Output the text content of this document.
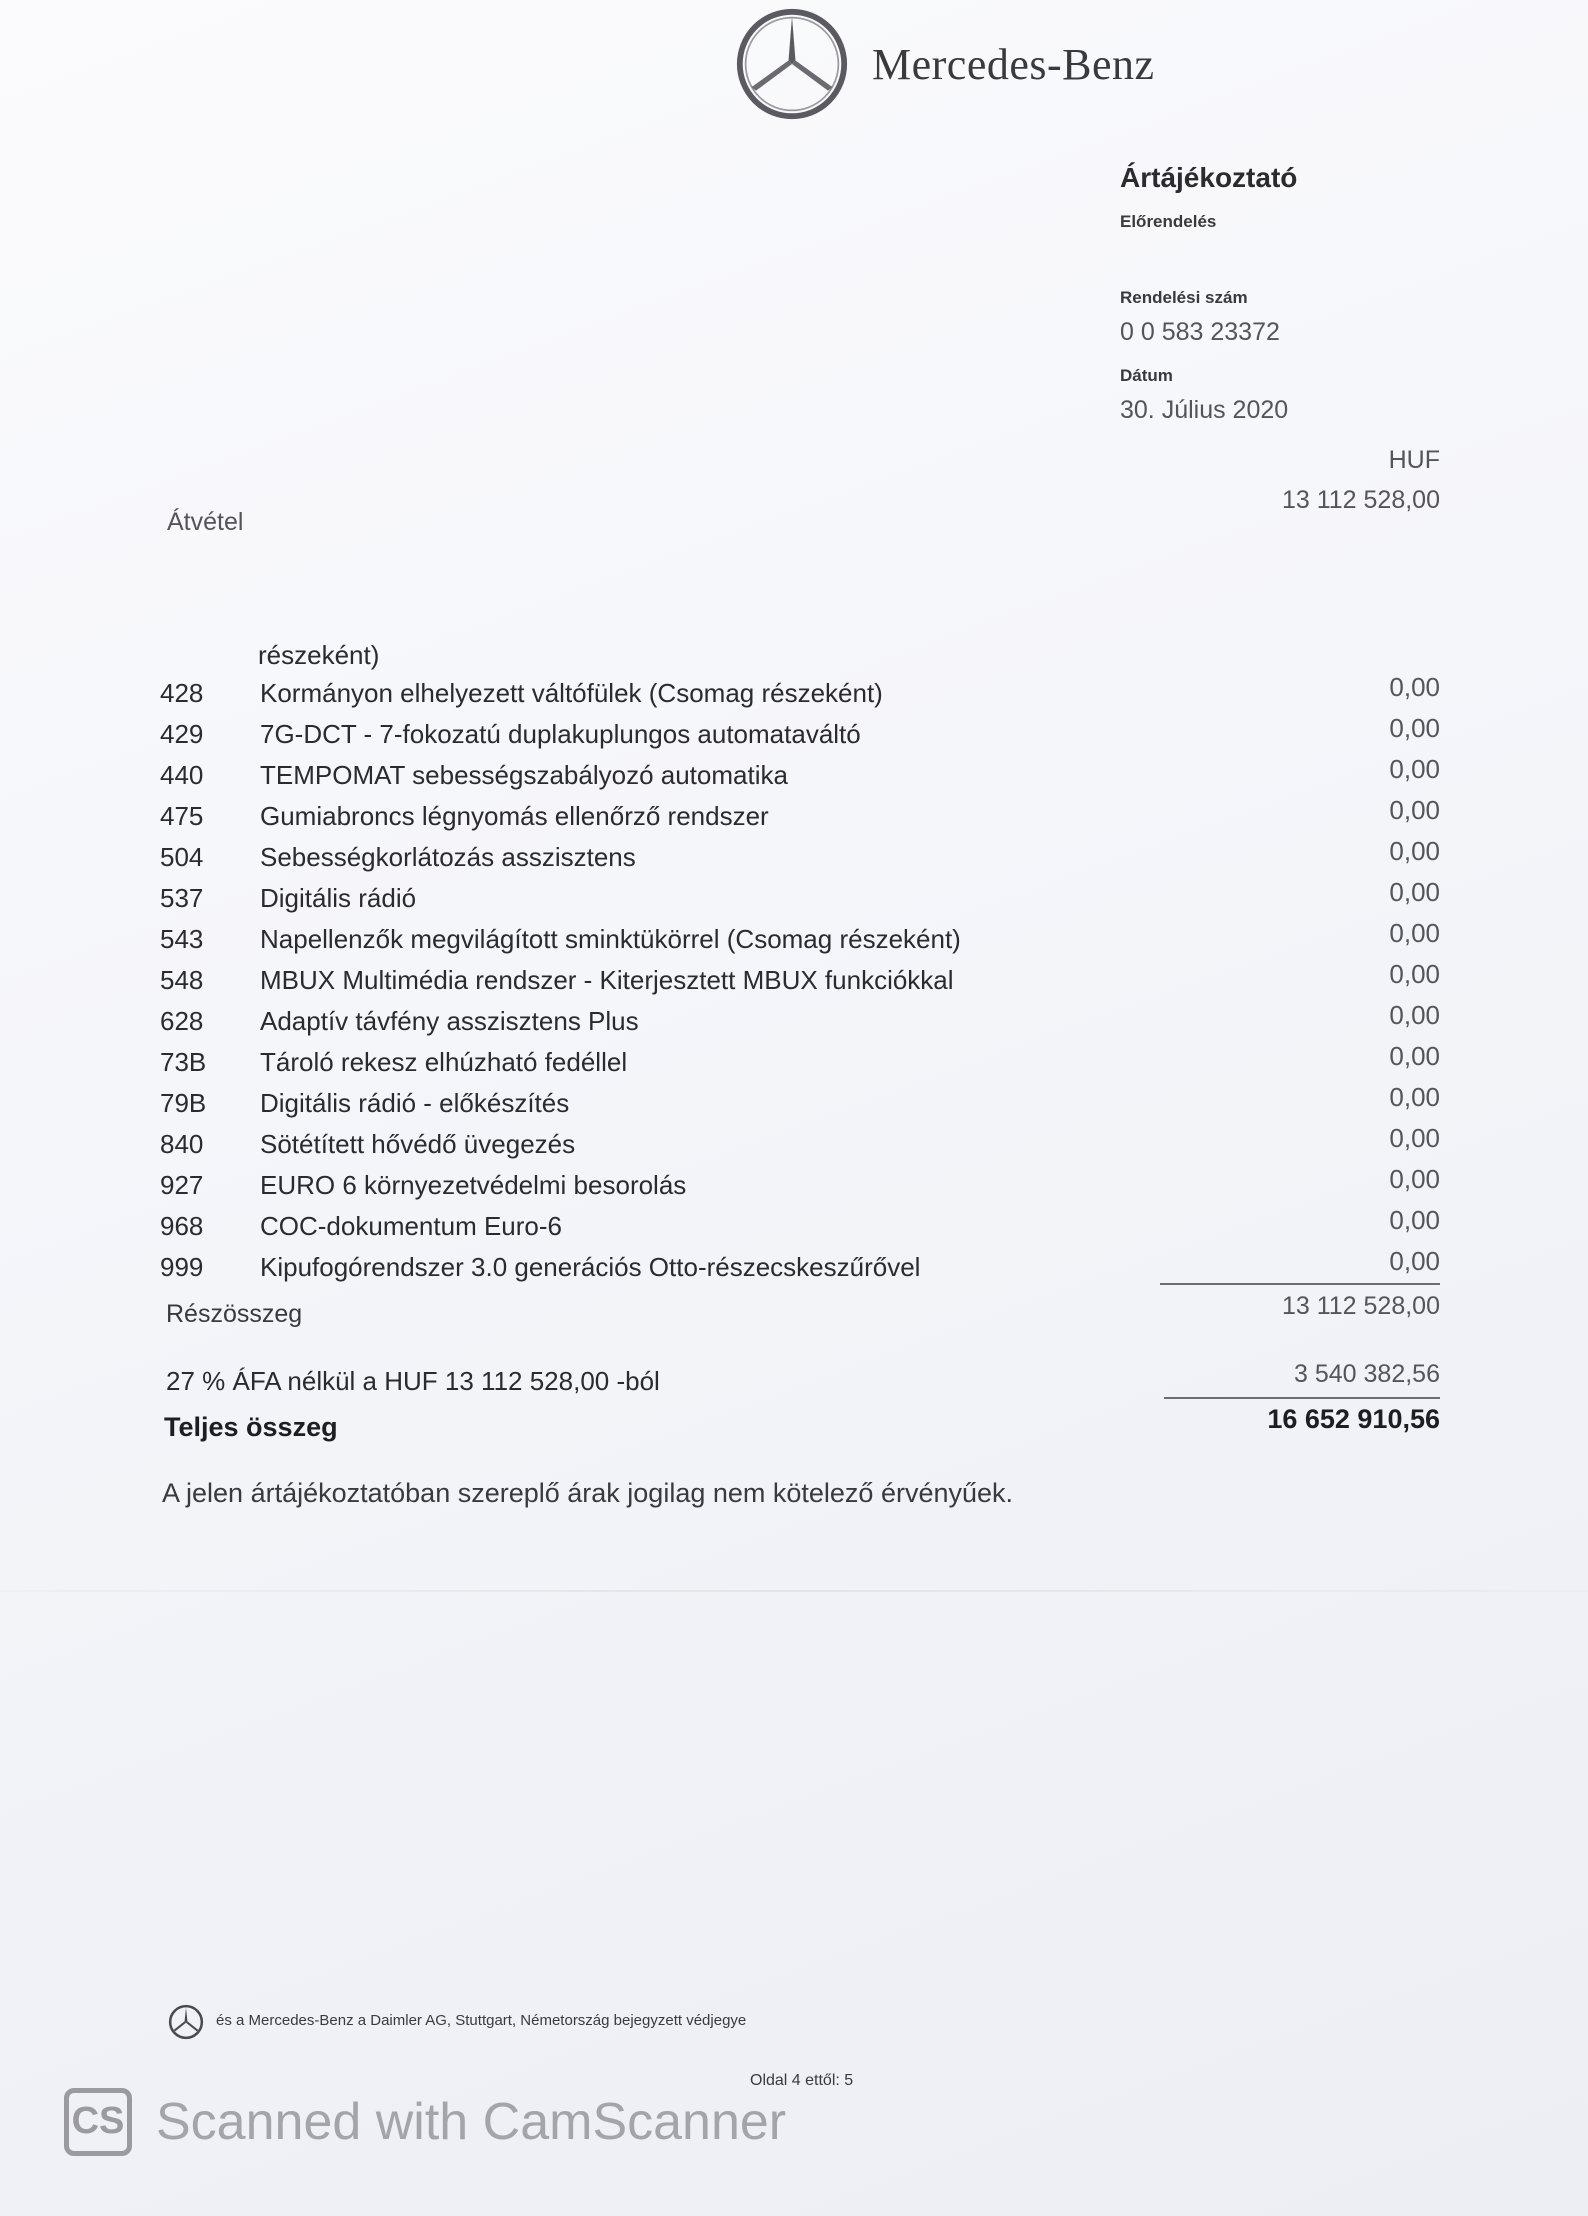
Mercedes-Benz
Ártájékoztató
Előrendelés
Rendelési szám
0 0 583 23372
Dátum
30. Július 2020
HUF
13 112 528,00
Átvétel
részeként)
428 Kormányon elhelyezett váltófülek (Csomag részeként)	0,00
429 7G-DCT - 7-fokozatú duplakuplungos automataváltó	0,00
440 TEMPOMAT sebességszabályozó automatika	0,00
475 Gumiabroncs légnyomás ellenőrző rendszer	0,00
504 Sebességkorlátozás asszisztens	0,00
537 Digitális rádió	0,00
543 Napellenzők megvilágított sminktükörrel (Csomag részeként)	0,00
548 MBUX Multimédia rendszer - Kiterjesztett MBUX funkciókkal	0,00
628 Adaptív távfény asszisztens Plus	0,00
73B Tároló rekesz elhúzható fedéllel	0,00
79B Digitális rádió - előkészítés	0,00
840 Sötétített hővédő üvegezés	0,00
927 EURO 6 környezetvédelmi besorolás	0,00
968 COC-dokumentum Euro-6	0,00
999 Kipufogórendszer 3.0 generációs Otto-részecskeszűrővel	0,00
Részösszeg	13 112 528,00
27 % ÁFA nélkül a HUF 13 112 528,00 -ból	3 540 382,56
Teljes összeg	16 652 910,56
A jelen ártájékoztatóban szereplő árak jogilag nem kötelező érvényűek.
és a Mercedes-Benz a Daimler AG, Stuttgart, Németország bejegyzett védjegye
Oldal 4 ettől: 5
CS Scanned with CamScanner
